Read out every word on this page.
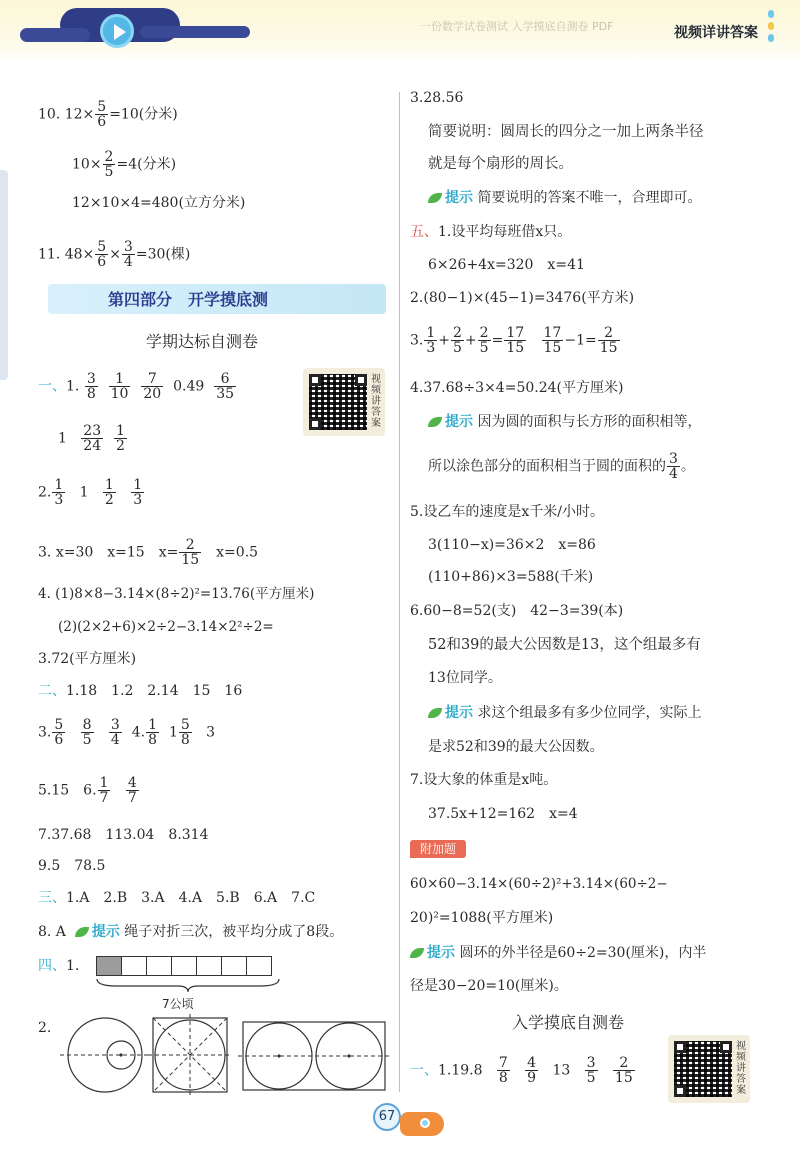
一份数学试卷测试 入学摸底自测卷 PDF	视频详讲答案
10. $12\times \frac{5}{6} =10$(分米)
$10\times \frac{2}{5} =4$(分米)
12×10×4=480(立方分米)
11. $48\times \frac{5}{6} \times \frac{3}{4} =30$(棵)
第四部分　开学摸底测
学期达标自测卷
视频讲答案
一、1. $\frac{3}{8}$
$\frac{1}{10}$
$\frac{7}{20} 0.49 \frac{6}{35}$
$1 \frac{23}{24}$
$\frac{1}{2}$
2. $\frac{1}{3} 1 \frac{1}{2}$
$\frac{1}{3}$
3. x=30　x=15　$x= \frac{2}{15}$ 　x=0.5
4. (1)8×8−3.14×(8÷2)²=13.76(平方厘米)
(2)(2×2+6)×2÷2−3.14×2²÷2=
3.72(平方厘米)
二、1.18　1.2　2.14　15　16
3. $\frac{5}{6}$
$\frac{8}{5}$
$\frac{3}{4} 4$. $\frac{1}{8} 1 \frac{5}{8} 3$
5.15　6. $\frac{1}{7}$
$\frac{4}{7}$
7.37.68　113.04　8.314
9.5　78.5
三、1.A　2.B　3.A　4.A　5.B　6.A　7.C
8. A 提示 绳子对折三次，被平均分成了8段。
四、1.
7公顷
2.
3.28.56
简要说明：圆周长的四分之一加上两条半径
就是每个扇形的周长。
提示 简要说明的答案不唯一，合理即可。
五、1.设平均每班借x只。
6×26+4x=320　x=41
2.(80−1)×(45−1)=3476(平方米)
3. $\frac{1}{3} + \frac{2}{5} + \frac{2}{5} = \frac{17}{15}$
$\frac{17}{15} -1= \frac{2}{15}$
4.37.68÷3×4=50.24(平方厘米)
提示 因为圆的面积与长方形的面积相等，
所以涂色部分的面积相当于圆的面积的 $\frac{3}{4}$ 。
5.设乙车的速度是x千米/小时。
3(110−x)=36×2　x=86
(110+86)×3=588(千米)
6.60−8=52(支)　42−3=39(本)
52和39的最大公因数是13，这个组最多有
13位同学。
提示 求这个组最多有多少位同学，实际上
是求52和39的最大公因数。
7.设大象的体重是x吨。
37.5x+12=162　x=4
附加题
60×60−3.14×(60÷2)²+3.14×(60÷2−
20)²=1088(平方厘米)
提示 圆环的外半径是60÷2=30(厘米)，内半
径是30−20=10(厘米)。
入学摸底自测卷
视频讲答案
一、$1.19.8 \frac{7}{8}$
$\frac{4}{9} 13 \frac{3}{5}$
$\frac{2}{15}$
67
